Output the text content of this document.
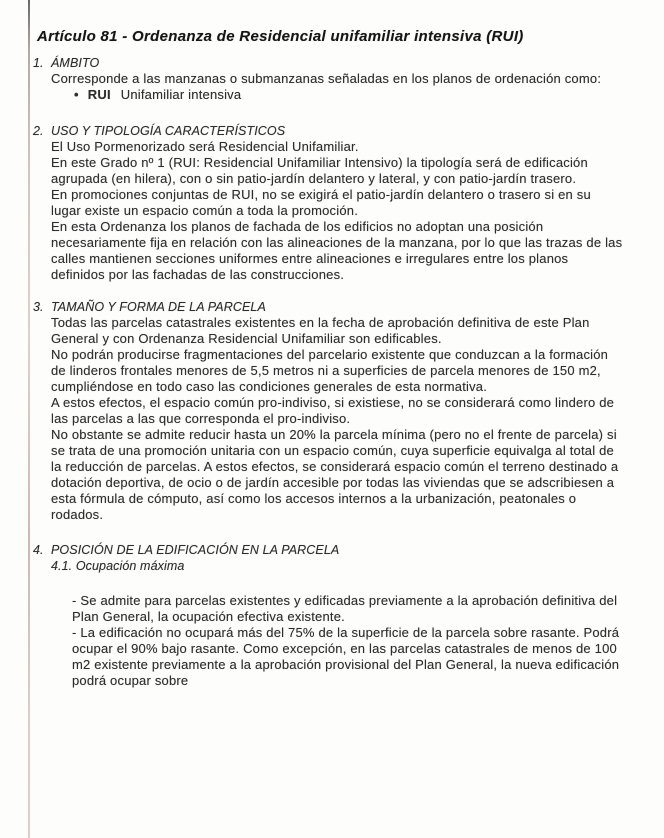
Artículo 81 - Ordenanza de Residencial unifamiliar intensiva (RUI)
1. ÁMBITO

Corresponde a las manzanas o submanzanas señaladas en los planos de ordenación como:

• RUI Unifamiliar intensiva
2. USO Y TIPOLOGÍA CARACTERÍSTICOS

El Uso Pormenorizado será Residencial Unifamiliar.

En este Grado nº 1 (RUI: Residencial Unifamiliar Intensivo) la tipología será de edificación agrupada (en hilera), con o sin patio-jardín delantero y lateral, y con patio-jardín trasero.

En promociones conjuntas de RUI, no se exigirá el patio-jardín delantero o trasero si en su lugar existe un espacio común a toda la promoción.

En esta Ordenanza los planos de fachada de los edificios no adoptan una posición necesariamente fija en relación con las alineaciones de la manzana, por lo que las trazas de las calles mantienen secciones uniformes entre alineaciones e irregulares entre los planos definidos por las fachadas de las construcciones.

3. TAMAÑO Y FORMA DE LA PARCELA

Todas las parcelas catastrales existentes en la fecha de aprobación definitiva de este Plan General y con Ordenanza Residencial Unifamiliar son edificables.

No podrán producirse fragmentaciones del parcelario existente que conduzcan a la formación de linderos frontales menores de 5,5 metros ni a superficies de parcela menores de 150 m2, cumpliéndose en todo caso las condiciones generales de esta normativa.

A estos efectos, el espacio común pro-indiviso, si existiese, no se considerará como lindero de las parcelas a las que corresponda el pro-indiviso.

No obstante se admite reducir hasta un 20% la parcela mínima (pero no el frente de parcela) si se trata de una promoción unitaria con un espacio común, cuya superficie equivalga al total de la reducción de parcelas. A estos efectos, se considerará espacio común el terreno destinado a dotación deportiva, de ocio o de jardín accesible por todas las viviendas que se adscribiesen a esta fórmula de cómputo, así como los accesos internos a la urbanización, peatonales o rodados.

4. POSICIÓN DE LA EDIFICACIÓN EN LA PARCELA
4.1. Ocupación máxima

- Se admite para parcelas existentes y edificadas previamente a la aprobación definitiva del Plan General, la ocupación efectiva existente.

- La edificación no ocupará más del 75% de la superficie de la parcela sobre rasante. Podrá ocupar el 90% bajo rasante. Como excepción, en las parcelas catastrales de menos de 100 m2 existente previamente a la aprobación provisional del Plan General, la nueva edificación podrá ocupar sobre
